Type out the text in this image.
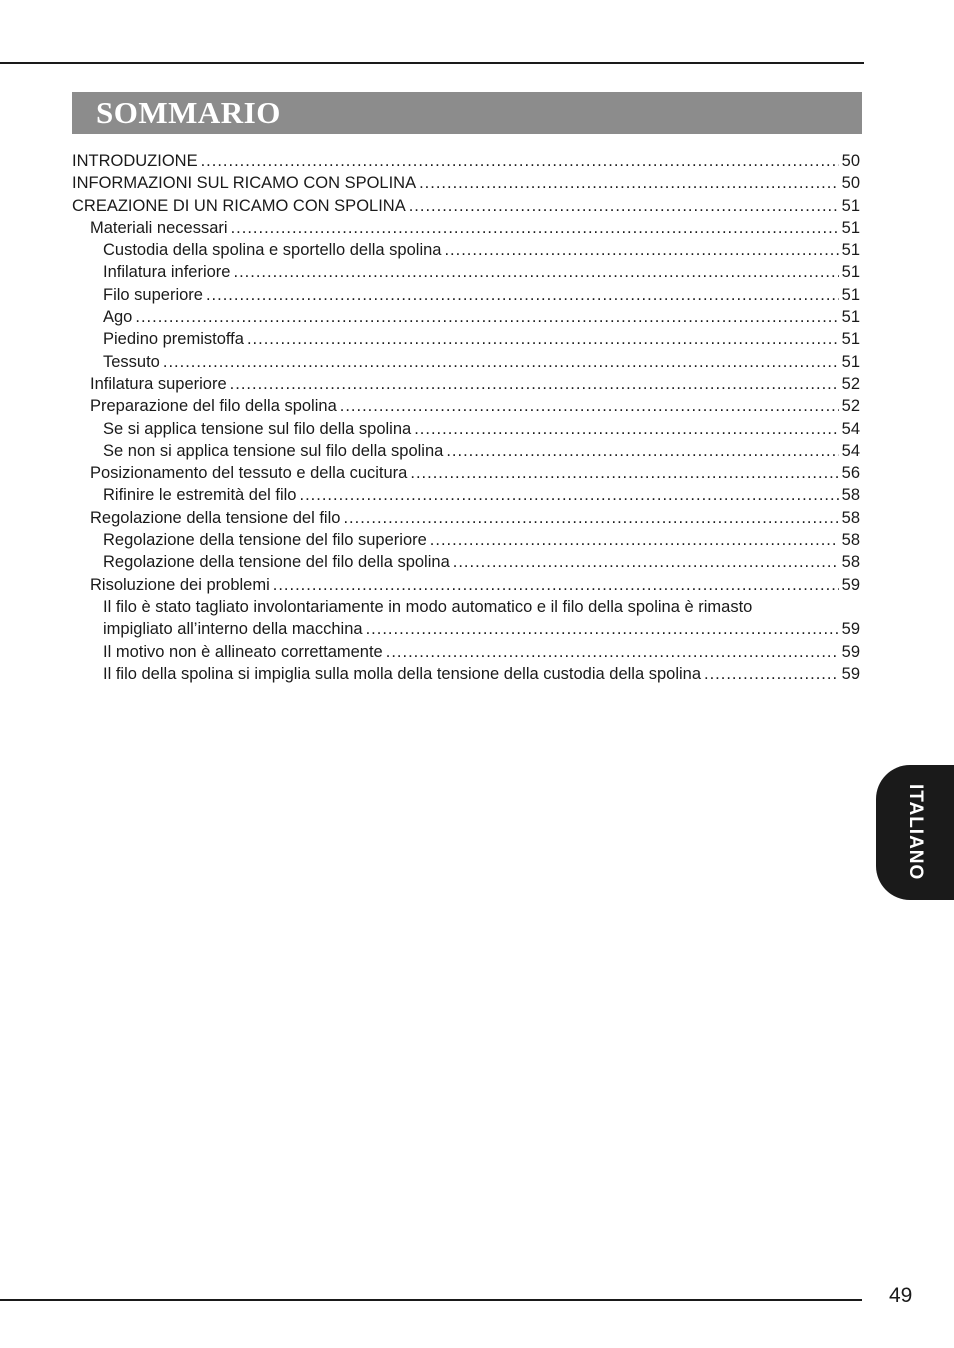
SOMMARIO
INTRODUZIONE .....	50
INFORMAZIONI SUL RICAMO CON SPOLINA .....	50
CREAZIONE DI UN RICAMO CON SPOLINA .....	51
Materiali necessari .....	51
Custodia della spolina e sportello della spolina .....	51
Infilatura inferiore .....	51
Filo superiore .....	51
Ago .....	51
Piedino premistoffa .....	51
Tessuto .....	51
Infilatura superiore .....	52
Preparazione del filo della spolina .....	52
Se si applica tensione sul filo della spolina .....	54
Se non si applica tensione sul filo della spolina .....	54
Posizionamento del tessuto e della cucitura .....	56
Rifinire le estremità del filo .....	58
Regolazione della tensione del filo .....	58
Regolazione della tensione del filo superiore .....	58
Regolazione della tensione del filo della spolina .....	58
Risoluzione dei problemi .....	59
Il filo è stato tagliato involontariamente in modo automatico e il filo della spolina è rimasto
impigliato all’interno della macchina .....	59
Il motivo non è allineato correttamente .....	59
Il filo della spolina si impiglia sulla molla della tensione della custodia della spolina .....	59
ITALIANO
49
